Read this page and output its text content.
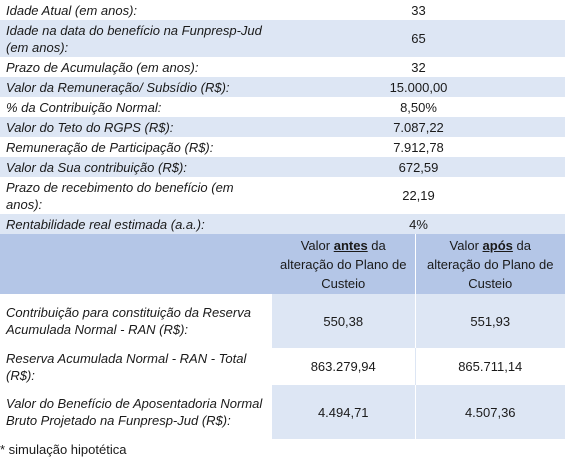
Idade Atual (em anos):	33	
Idade na data do benefício na Funpresp-Jud (em anos):	65	
Prazo de Acumulação (em anos):	32	
Valor da Remuneração/ Subsídio (R$):	15.000,00	
% da Contribuição Normal:	8,50%	
Valor do Teto do RGPS (R$):	7.087,22	
Remuneração de Participação (R$):	7.912,78	
Valor da Sua contribuição (R$):	672,59	
Prazo de recebimento do benefício (em anos):	22,19	
Rentabilidade real estimada (a.a.):	4%	
	Valor antes da alteração do Plano de Custeio	Valor após da alteração do Plano de Custeio
Contribuição para constituição da Reserva Acumulada Normal - RAN (R$):	550,38	551,93
Reserva Acumulada Normal - RAN - Total (R$):	863.279,94	865.711,14
Valor do Benefício de Aposentadoria Normal Bruto Projetado na Funpresp-Jud (R$):	4.494,71	4.507,36
* simulação hipotética
